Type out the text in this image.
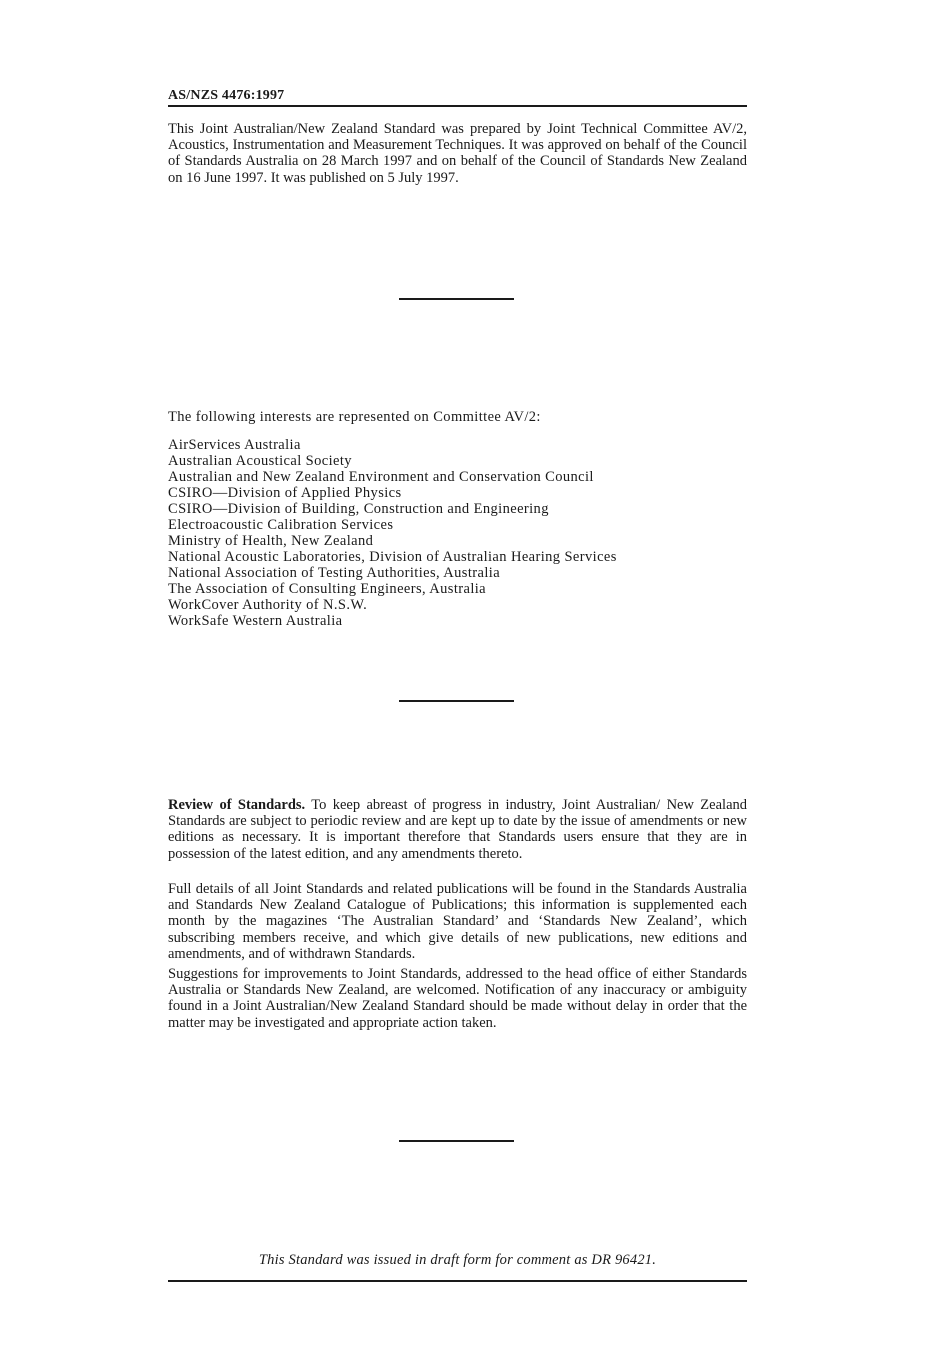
AS/NZS 4476:1997

This Joint Australian/New Zealand Standard was prepared by Joint Technical Committee AV/2, Acoustics, Instrumentation and Measurement Techniques. It was approved on behalf of the Council of Standards Australia on 28 March 1997 and on behalf of the Council of Standards New Zealand on 16 June 1997. It was published on 5 July 1997.

The following interests are represented on Committee AV/2:

AirServices Australia
Australian Acoustical Society
Australian and New Zealand Environment and Conservation Council
CSIRO—Division of Applied Physics
CSIRO—Division of Building, Construction and Engineering
Electroacoustic Calibration Services
Ministry of Health, New Zealand
National Acoustic Laboratories, Division of Australian Hearing Services
National Association of Testing Authorities, Australia
The Association of Consulting Engineers, Australia
WorkCover Authority of N.S.W.
WorkSafe Western Australia

Review of Standards. To keep abreast of progress in industry, Joint Australian/ New Zealand Standards are subject to periodic review and are kept up to date by the issue of amendments or new editions as necessary. It is important therefore that Standards users ensure that they are in possession of the latest edition, and any amendments thereto.

Full details of all Joint Standards and related publications will be found in the Standards Australia and Standards New Zealand Catalogue of Publications; this information is supplemented each month by the magazines ‘The Australian Standard’ and ‘Standards New Zealand’, which subscribing members receive, and which give details of new publications, new editions and amendments, and of withdrawn Standards.

Suggestions for improvements to Joint Standards, addressed to the head office of either Standards Australia or Standards New Zealand, are welcomed. Notification of any inaccuracy or ambiguity found in a Joint Australian/New Zealand Standard should be made without delay in order that the matter may be investigated and appropriate action taken.

This Standard was issued in draft form for comment as DR 96421.
